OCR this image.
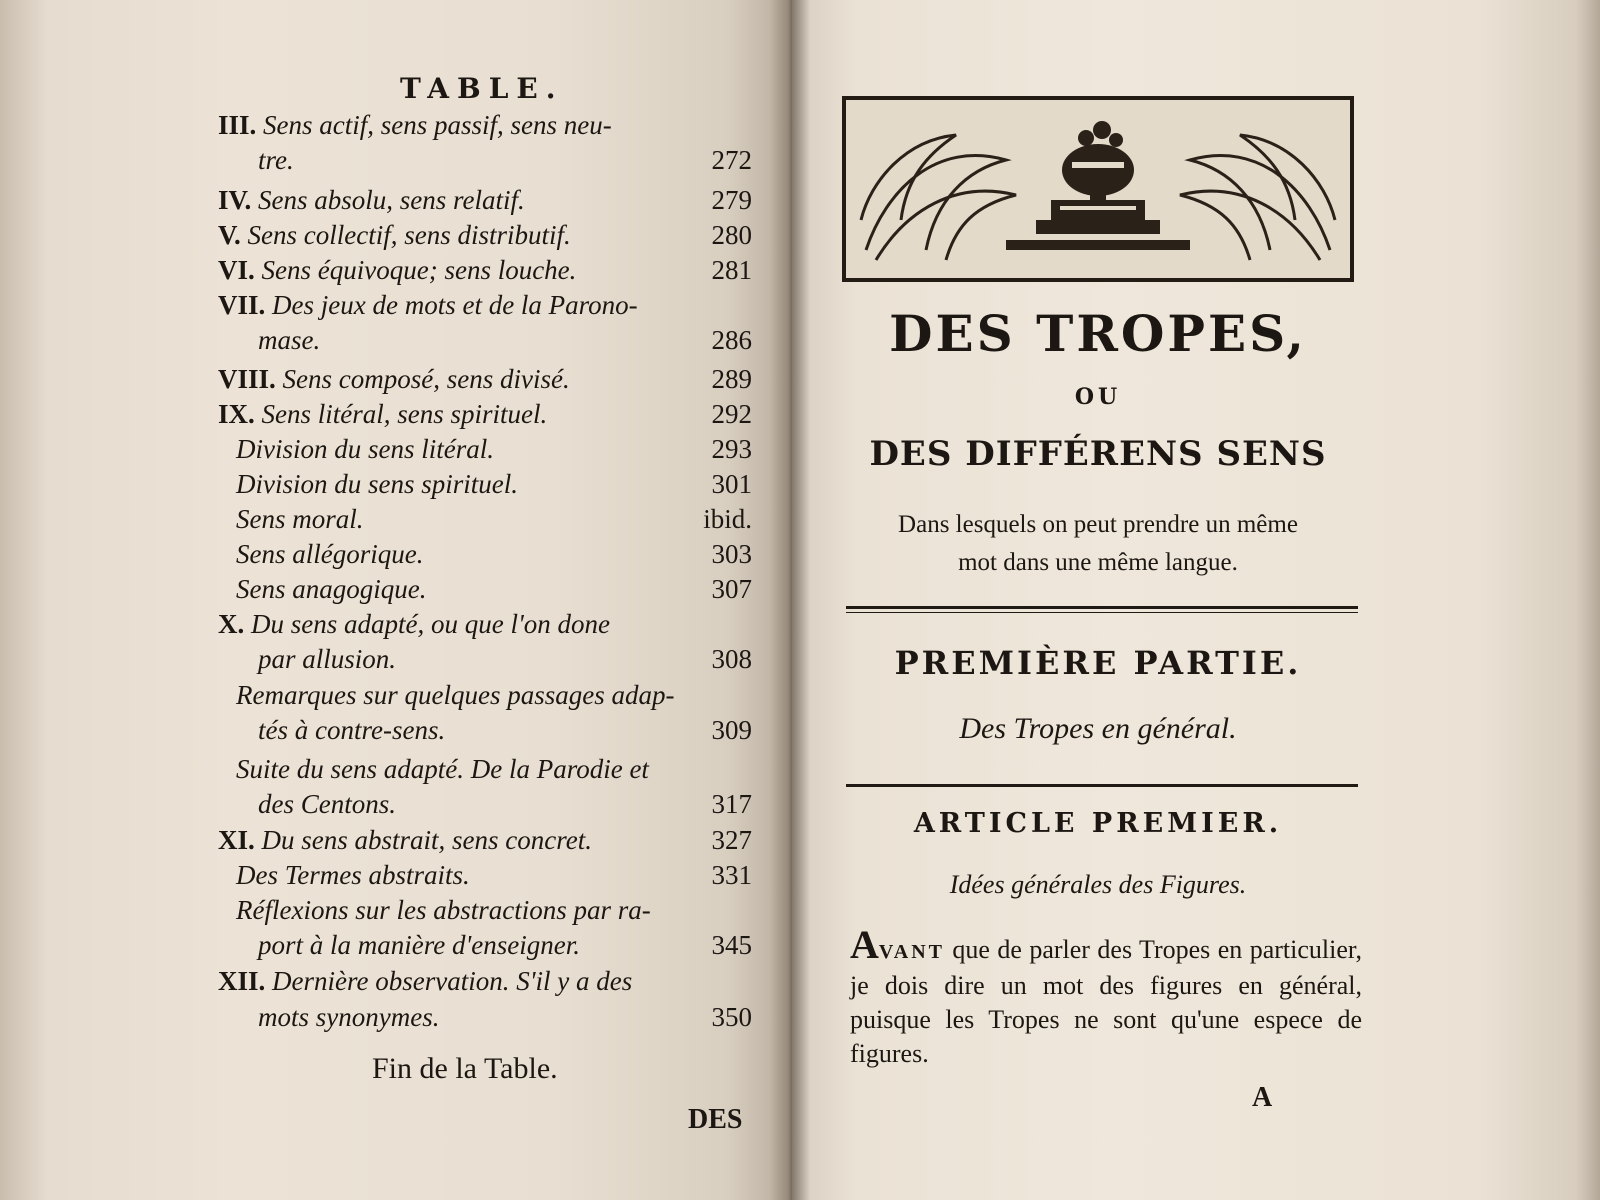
TABLE.
III. Sens actif, sens passif, sens neu-
tre.	272
IV. Sens absolu, sens relatif.	279
V. Sens collectif, sens distributif.	280
VI. Sens équivoque; sens louche.	281
VII. Des jeux de mots et de la Parono-
mase.	286
VIII. Sens composé, sens divisé.	289
IX. Sens litéral, sens spirituel.	292
Division du sens litéral.	293
Division du sens spirituel.	301
Sens moral.	ibid.
Sens allégorique.	303
Sens anagogique.	307
X. Du sens adapté, ou que l'on done
par allusion.	308
Remarques sur quelques passages adap-
tés à contre-sens.	309
Suite du sens adapté. De la Parodie et
des Centons.	317
XI. Du sens abstrait, sens concret.	327
Des Termes abstraits.	331
Réflexions sur les abstractions par ra-
port à la manière d'enseigner.	345
XII. Dernière observation. S'il y a des
mots synonymes.	350
Fin de la Table.
DES
DES TROPES,
OU
DES DIFFÉRENS SENS
Dans lesquels on peut prendre un même
mot dans une même langue.
PREMIÈRE PARTIE.
Des Tropes en général.
ARTICLE PREMIER.
Idées générales des Figures.
AVANT que de parler des Tropes en particulier, je dois dire un mot des figures en général, puisque les Tropes ne sont qu'une espece de figures.
A
